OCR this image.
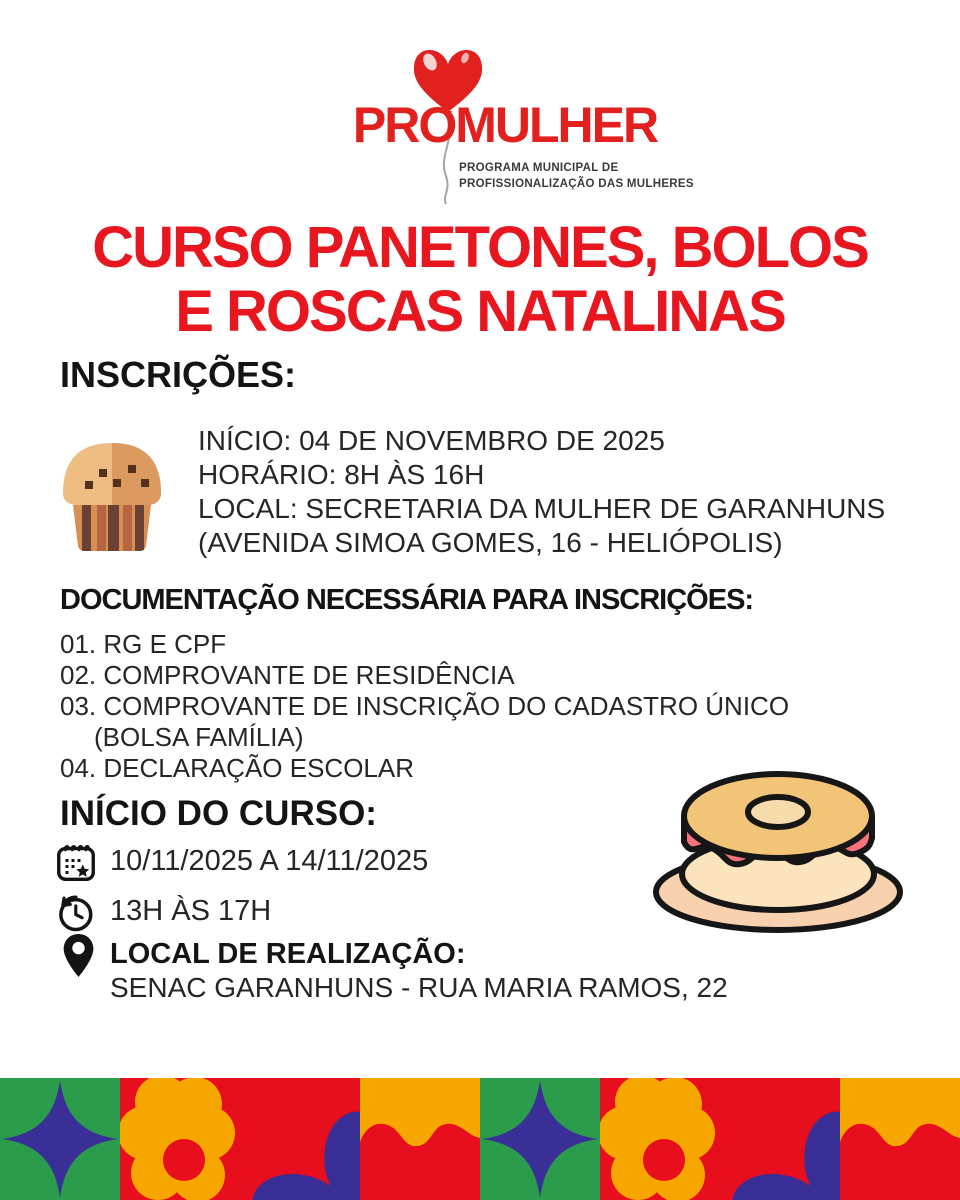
PROMULHER
PROGRAMA MUNICIPAL DE
PROFISSIONALIZAÇÃO DAS MULHERES
CURSO PANETONES, BOLOS
E ROSCAS NATALINAS
INSCRIÇÕES:
INÍCIO: 04 DE NOVEMBRO DE 2025
HORÁRIO: 8H ÀS 16H
LOCAL: SECRETARIA DA MULHER DE GARANHUNS
(AVENIDA SIMOA GOMES, 16 - HELIÓPOLIS)
DOCUMENTAÇÃO NECESSÁRIA PARA INSCRIÇÕES:
01. RG E CPF
02. COMPROVANTE DE RESIDÊNCIA
03. COMPROVANTE DE INSCRIÇÃO DO CADASTRO ÚNICO
(BOLSA FAMÍLIA)
04. DECLARAÇÃO ESCOLAR
INÍCIO DO CURSO:
10/11/2025 A 14/11/2025
13H ÀS 17H
LOCAL DE REALIZAÇÃO:
SENAC GARANHUNS - RUA MARIA RAMOS, 22
